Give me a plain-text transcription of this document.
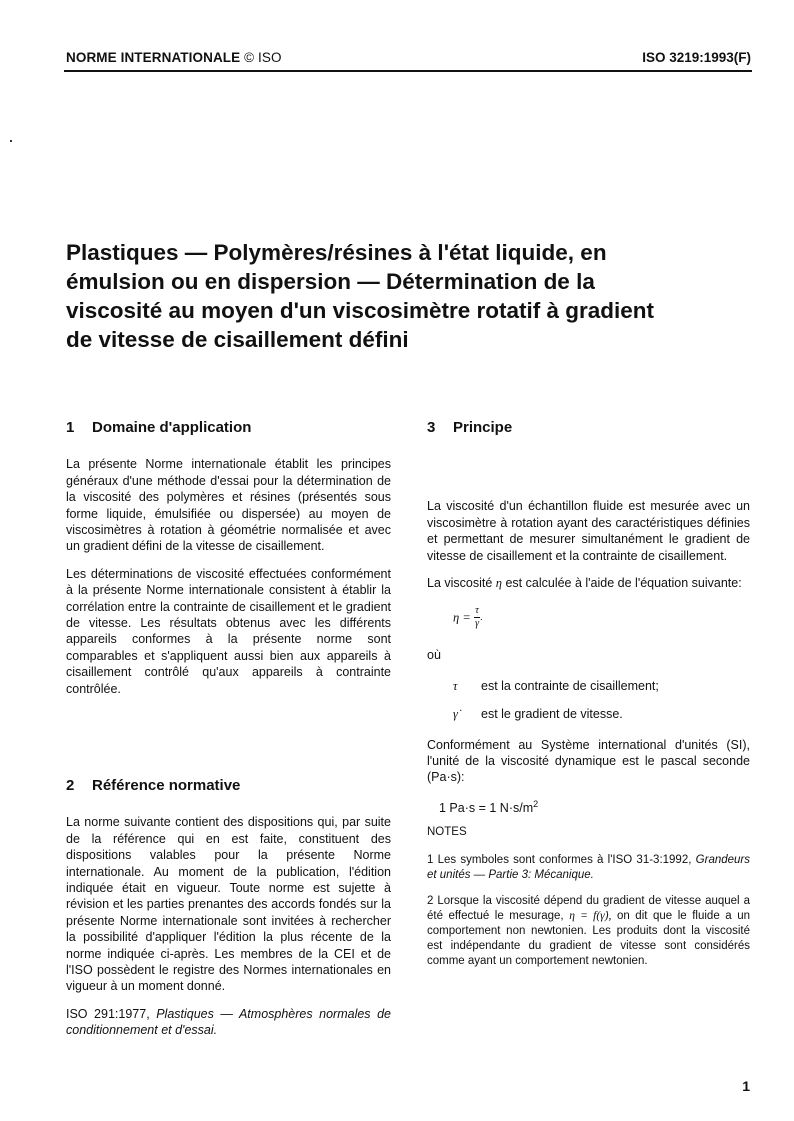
NORME INTERNATIONALE © ISO	ISO 3219:1993(F)
Plastiques — Polymères/résines à l'état liquide, en
émulsion ou en dispersion — Détermination de la
viscosité au moyen d'un viscosimètre rotatif à gradient
de vitesse de cisaillement défini
1 Domaine d'application

La présente Norme internationale établit les principes généraux d'une méthode d'essai pour la détermination de la viscosité des polymères et résines (présentés sous forme liquide, émulsifiée ou dispersée) au moyen de viscosimètres à rotation à géométrie normalisée et avec un gradient défini de la vitesse de cisaillement.

Les déterminations de viscosité effectuées conformément à la présente Norme internationale consistent à établir la corrélation entre la contrainte de cisaillement et le gradient de vitesse. Les résultats obtenus avec les différents appareils conformes à la présente norme sont comparables et s'appliquent aussi bien aux appareils à cisaillement contrôlé qu'aux appareils à contrainte contrôlée.

2 Référence normative

La norme suivante contient des dispositions qui, par suite de la référence qui en est faite, constituent des dispositions valables pour la présente Norme internationale. Au moment de la publication, l'édition indiquée était en vigueur. Toute norme est sujette à révision et les parties prenantes des accords fondés sur la présente Norme internationale sont invitées à rechercher la possibilité d'appliquer l'édition la plus récente de la norme indiquée ci-après. Les membres de la CEI et de l'ISO possèdent le registre des Normes internationales en vigueur à un moment donné.

ISO 291:1977, Plastiques — Atmosphères normales de conditionnement et d'essai.

3 Principe

La viscosité d'un échantillon fluide est mesurée avec un viscosimètre à rotation ayant des caractéristiques définies et permettant de mesurer simultanément le gradient de vitesse de cisaillement et la contrainte de cisaillement.

La viscosité η est calculée à l'aide de l'équation suivante:

$\eta = \frac{\tau}{\gammȧ}$
où
τ est la contrainte de cisaillement;
γ̇ est le gradient de vitesse.

Conformément au Système international d'unités (SI), l'unité de la viscosité dynamique est le pascal seconde (Pa·s):

1 Pa·s = 1 $N\cdot s/m^2$
NOTES

1 Les symboles sont conformes à l'ISO 31-3:1992, Grandeurs et unités — Partie 3: Mécanique.

2 Lorsque la viscosité dépend du gradient de vitesse auquel a été effectué le mesurage, η = f(γ̇), on dit que le fluide a un comportement non newtonien. Les produits dont la viscosité est indépendante du gradient de vitesse sont considérés comme ayant un comportement newtonien.

1
